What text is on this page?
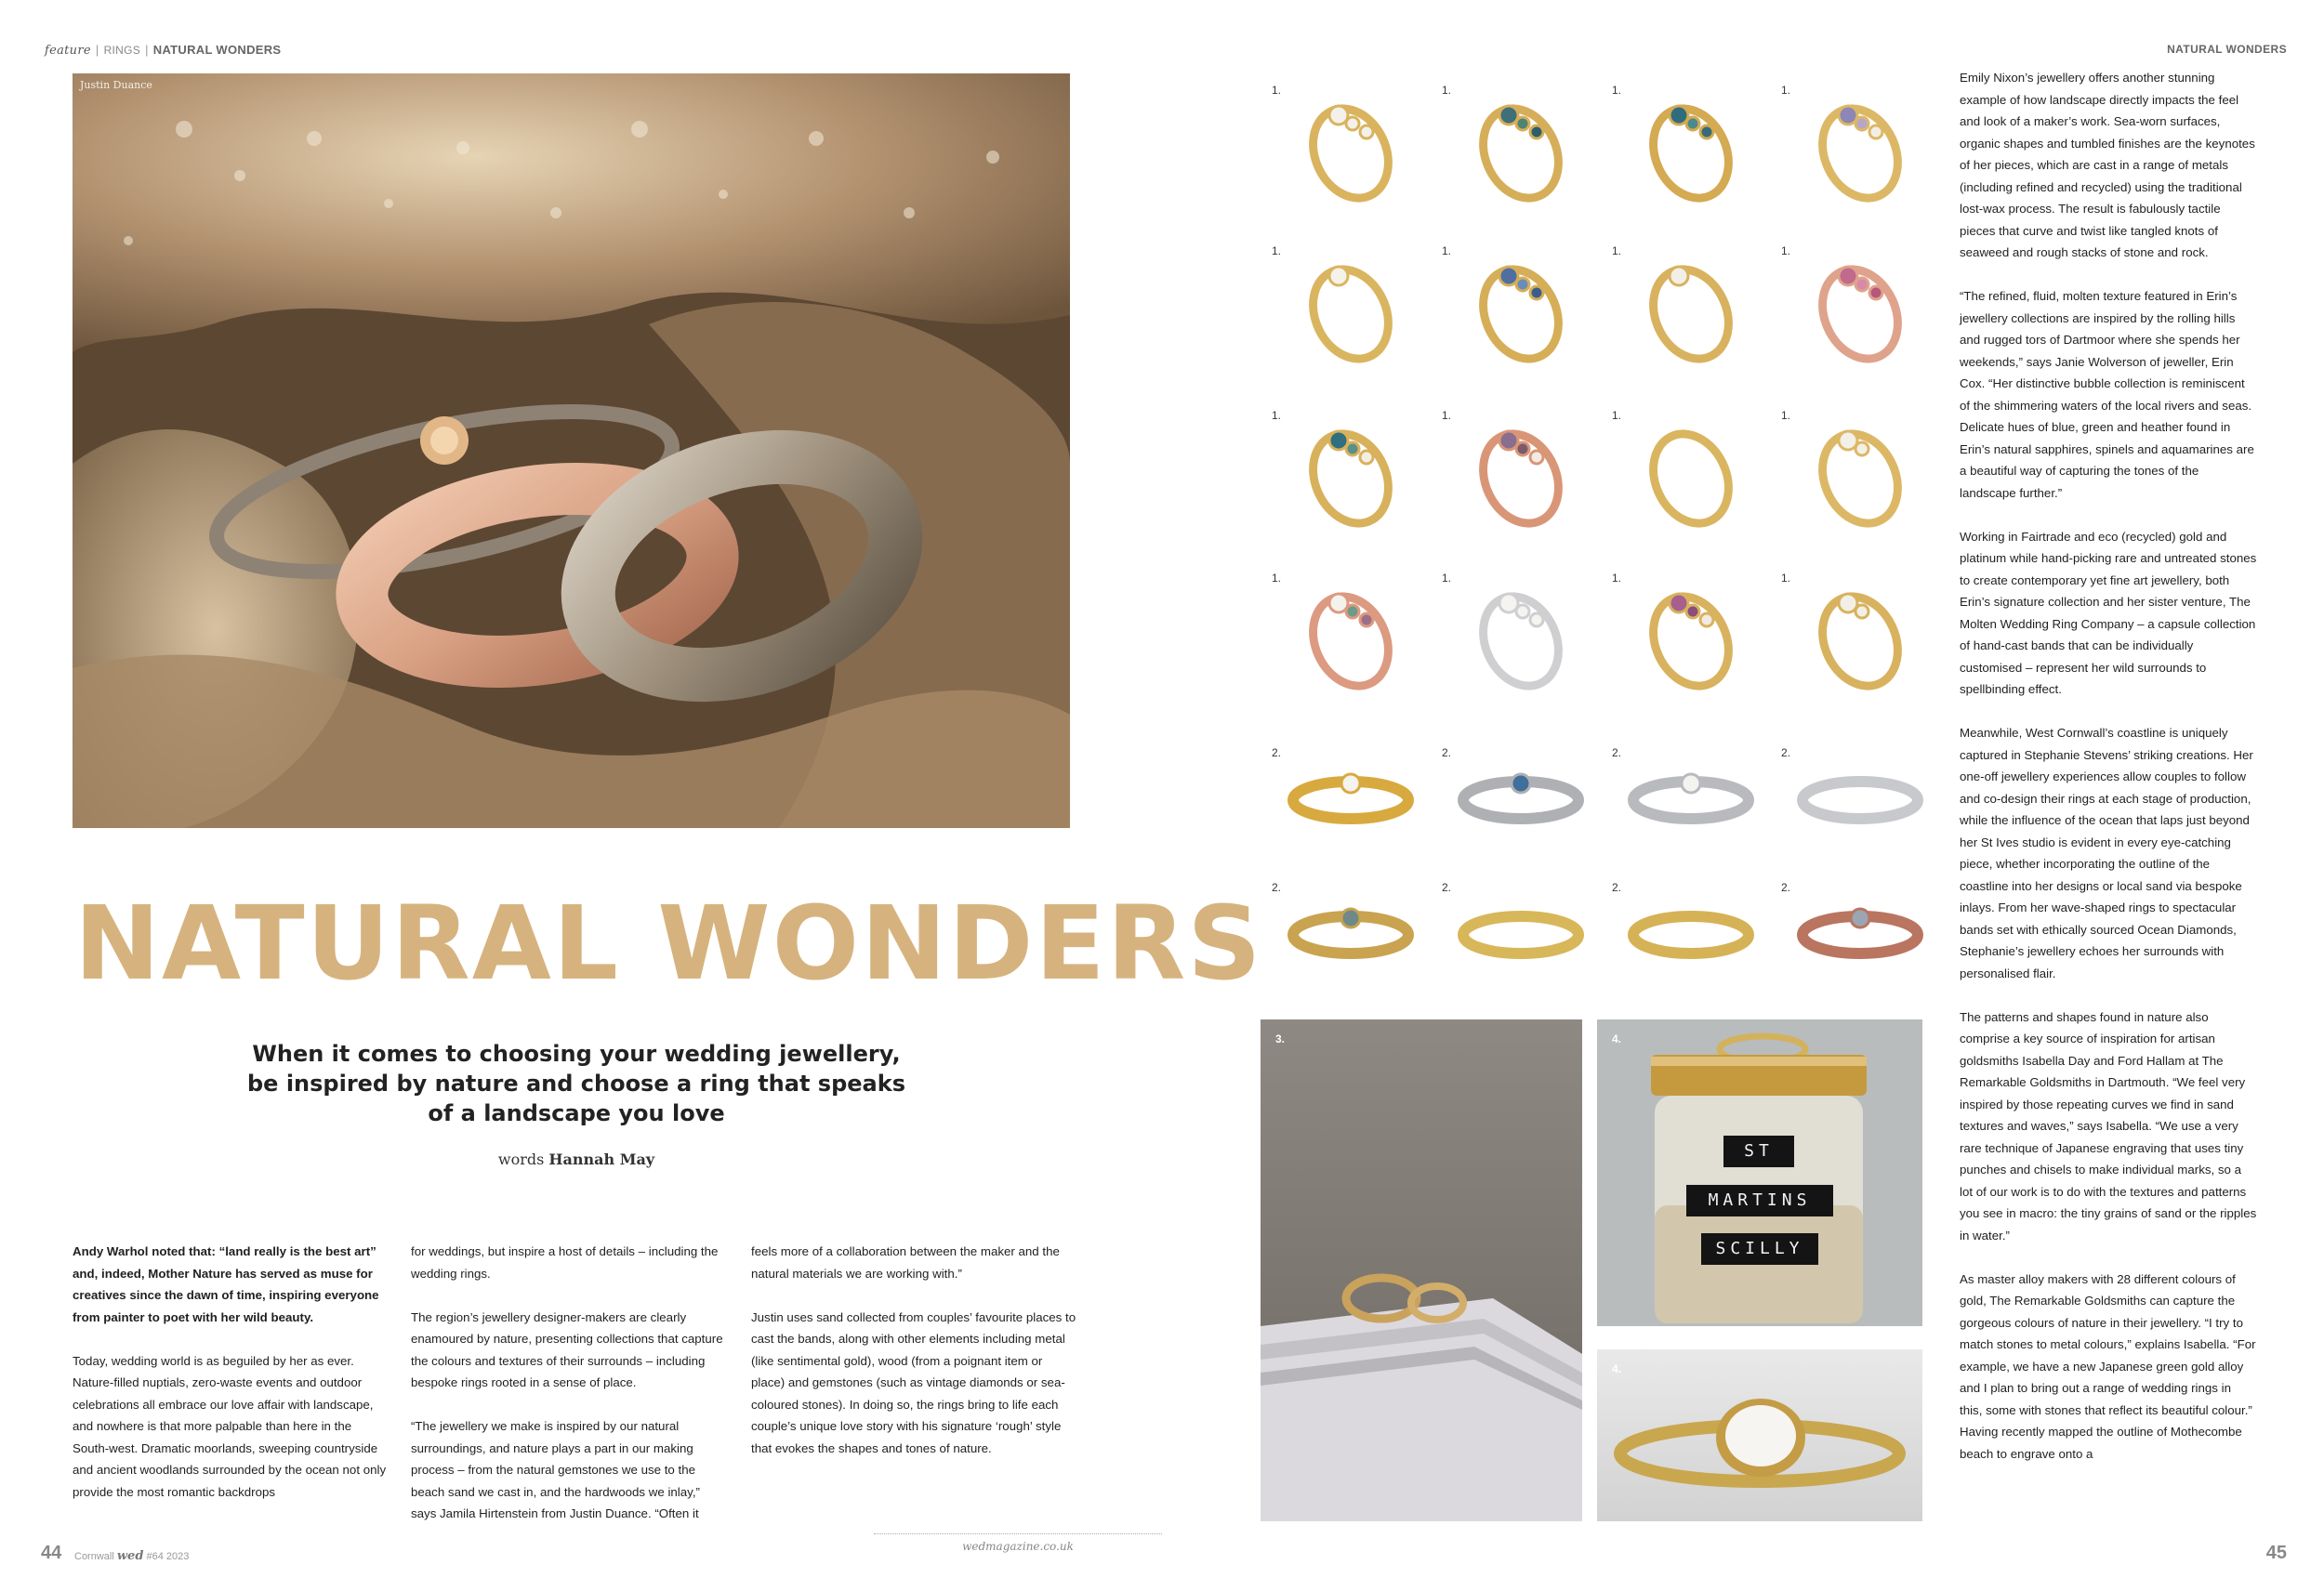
feature | RINGS | NATURAL WONDERS	NATURAL WONDERS
Justin Duance
NATURAL WONDERS
When it comes to choosing your wedding jewellery, be inspired by nature and choose a ring that speaks of a landscape you love
words Hannah May

Andy Warhol noted that: “land really is the best art” and, indeed, Mother Nature has served as muse for creatives since the dawn of time, inspiring everyone from painter to poet with her wild beauty.

Today, wedding world is as beguiled by her as ever. Nature-filled nuptials, zero-waste events and outdoor celebrations all embrace our love affair with landscape, and nowhere is that more palpable than here in the South-west. Dramatic moorlands, sweeping countryside and ancient woodlands surrounded by the ocean not only provide the most romantic backdrops

for weddings, but inspire a host of details – including the wedding rings.

The region’s jewellery designer-makers are clearly enamoured by nature, presenting collections that capture the colours and textures of their surrounds – including bespoke rings rooted in a sense of place.

“The jewellery we make is inspired by our natural surroundings, and nature plays a part in our making process – from the natural gemstones we use to the beach sand we cast in, and the hardwoods we inlay,” says Jamila Hirtenstein from Justin Duance. “Often it

feels more of a collaboration between the maker and the natural materials we are working with.”

Justin uses sand collected from couples’ favourite places to cast the bands, along with other elements including metal (like sentimental gold), wood (from a poignant item or place) and gemstones (such as vintage diamonds or sea-coloured stones). In doing so, the rings bring to life each couple’s unique love story with his signature ‘rough’ style that evokes the shapes and tones of nature.

Emily Nixon’s jewellery offers another stunning example of how landscape directly impacts the feel and look of a maker’s work. Sea-worn surfaces, organic shapes and tumbled finishes are the keynotes of her pieces, which are cast in a range of metals (including refined and recycled) using the traditional lost-wax process. The result is fabulously tactile pieces that curve and twist like tangled knots of seaweed and rough stacks of stone and rock.

“The refined, fluid, molten texture featured in Erin’s jewellery collections are inspired by the rolling hills and rugged tors of Dartmoor where she spends her weekends,” says Janie Wolverson of jeweller, Erin Cox. “Her distinctive bubble collection is reminiscent of the shimmering waters of the local rivers and seas. Delicate hues of blue, green and heather found in Erin’s natural sapphires, spinels and aquamarines are a beautiful way of capturing the tones of the landscape further.”

Working in Fairtrade and eco (recycled) gold and platinum while hand-picking rare and untreated stones to create contemporary yet fine art jewellery, both Erin’s signature collection and her sister venture, The Molten Wedding Ring Company – a capsule collection of hand-cast bands that can be individually customised – represent her wild surrounds to spellbinding effect.

Meanwhile, West Cornwall’s coastline is uniquely captured in Stephanie Stevens’ striking creations. Her one-off jewellery experiences allow couples to follow and co-design their rings at each stage of production, while the influence of the ocean that laps just beyond her St Ives studio is evident in every eye-catching piece, whether incorporating the outline of the coastline into her designs or local sand via bespoke inlays. From her wave-shaped rings to spectacular bands set with ethically sourced Ocean Diamonds, Stephanie’s jewellery echoes her surrounds with personalised flair.

The patterns and shapes found in nature also comprise a key source of inspiration for artisan goldsmiths Isabella Day and Ford Hallam at The Remarkable Goldsmiths in Dartmouth. “We feel very inspired by those repeating curves we find in sand textures and waves,” says Isabella. “We use a very rare technique of Japanese engraving that uses tiny punches and chisels to make individual marks, so a lot of our work is to do with the textures and patterns you see in macro: the tiny grains of sand or the ripples in water.”

As master alloy makers with 28 different colours of gold, The Remarkable Goldsmiths can capture the gorgeous colours of nature in their jewellery. “I try to match stones to metal colours,” explains Isabella. “For example, we have a new Japanese green gold alloy and I plan to bring out a range of wedding rings in this, some with stones that reflect its beautiful colour.” Having recently mapped the outline of Mothecombe beach to engrave onto a

1.	1.	1.	1.
1.	1.	1.	1.
1.	1.	1.	1.
1.	1.	1.	1.
2.	2.	2.	2.
2.	2.	2.	2.
3.
ST
MARTINS
SCILLY
4.
4.
44 Cornwall wed #64 2023
wedmagazine.co.uk	45
